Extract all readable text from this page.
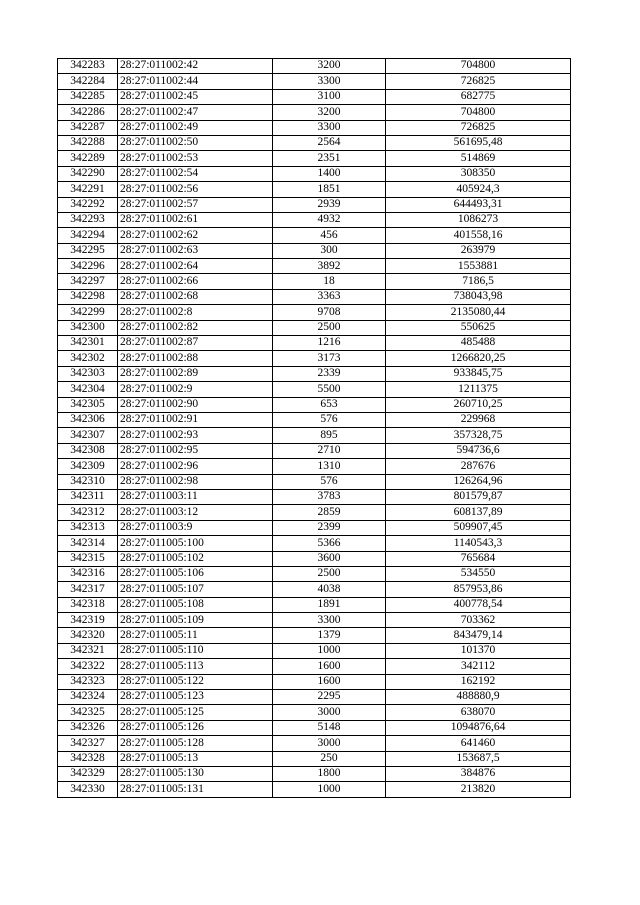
342283	28:27:011002:42	3200	704800
342284	28:27:011002:44	3300	726825
342285	28:27:011002:45	3100	682775
342286	28:27:011002:47	3200	704800
342287	28:27:011002:49	3300	726825
342288	28:27:011002:50	2564	561695,48
342289	28:27:011002:53	2351	514869
342290	28:27:011002:54	1400	308350
342291	28:27:011002:56	1851	405924,3
342292	28:27:011002:57	2939	644493,31
342293	28:27:011002:61	4932	1086273
342294	28:27:011002:62	456	401558,16
342295	28:27:011002:63	300	263979
342296	28:27:011002:64	3892	1553881
342297	28:27:011002:66	18	7186,5
342298	28:27:011002:68	3363	738043,98
342299	28:27:011002:8	9708	2135080,44
342300	28:27:011002:82	2500	550625
342301	28:27:011002:87	1216	485488
342302	28:27:011002:88	3173	1266820,25
342303	28:27:011002:89	2339	933845,75
342304	28:27:011002:9	5500	1211375
342305	28:27:011002:90	653	260710,25
342306	28:27:011002:91	576	229968
342307	28:27:011002:93	895	357328,75
342308	28:27:011002:95	2710	594736,6
342309	28:27:011002:96	1310	287676
342310	28:27:011002:98	576	126264,96
342311	28:27:011003:11	3783	801579,87
342312	28:27:011003:12	2859	608137,89
342313	28:27:011003:9	2399	509907,45
342314	28:27:011005:100	5366	1140543,3
342315	28:27:011005:102	3600	765684
342316	28:27:011005:106	2500	534550
342317	28:27:011005:107	4038	857953,86
342318	28:27:011005:108	1891	400778,54
342319	28:27:011005:109	3300	703362
342320	28:27:011005:11	1379	843479,14
342321	28:27:011005:110	1000	101370
342322	28:27:011005:113	1600	342112
342323	28:27:011005:122	1600	162192
342324	28:27:011005:123	2295	488880,9
342325	28:27:011005:125	3000	638070
342326	28:27:011005:126	5148	1094876,64
342327	28:27:011005:128	3000	641460
342328	28:27:011005:13	250	153687,5
342329	28:27:011005:130	1800	384876
342330	28:27:011005:131	1000	213820
